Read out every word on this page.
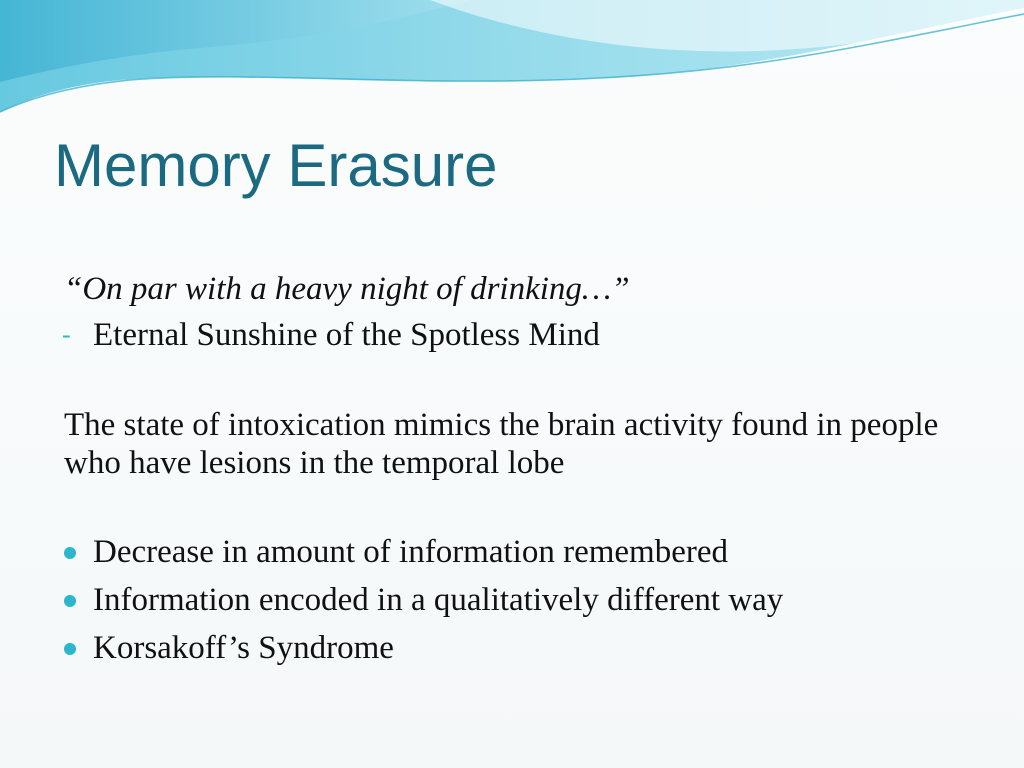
Memory Erasure
“On par with a heavy night of drinking…”
- Eternal Sunshine of the Spotless Mind
The state of intoxication mimics the brain activity found in people who have lesions in the temporal lobe
Decrease in amount of information remembered
Information encoded in a qualitatively different way
Korsakoff’s Syndrome
